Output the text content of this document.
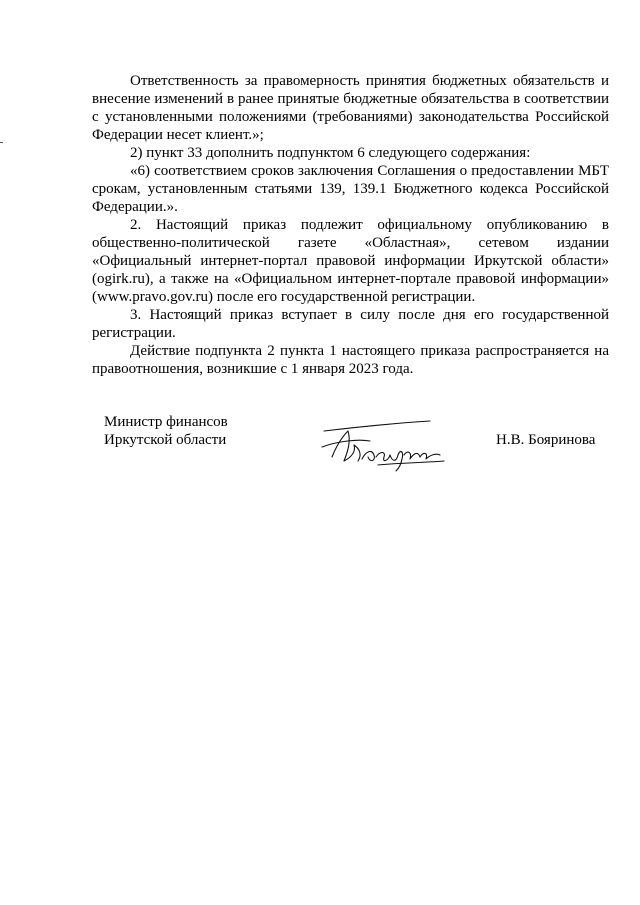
Ответственность за правомерность принятия бюджетных обязательств и внесение изменений в ранее принятые бюджетные обязательства в соответствии с установленными положениями (требованиями) законодательства Российской Федерации несет клиент.»;

2) пункт 33 дополнить подпунктом 6 следующего содержания:

«6) соответствием сроков заключения Соглашения о предоставлении МБТ срокам, установленным статьями 139, 139.1 Бюджетного кодекса Российской Федерации.».

2. Настоящий приказ подлежит официальному опубликованию в общественно-политической газете «Областная», сетевом издании «Официальный интернет-портал правовой информации Иркутской области» (ogirk.ru), а также на «Официальном интернет-портале правовой информации» (www.pravo.gov.ru) после его государственной регистрации.

3. Настоящий приказ вступает в силу после дня его государственной регистрации.

Действие подпункта 2 пункта 1 настоящего приказа распространяется на правоотношения, возникшие с 1 января 2023 года.

Министр финансов
Иркутской области	Н.В. Бояринова
